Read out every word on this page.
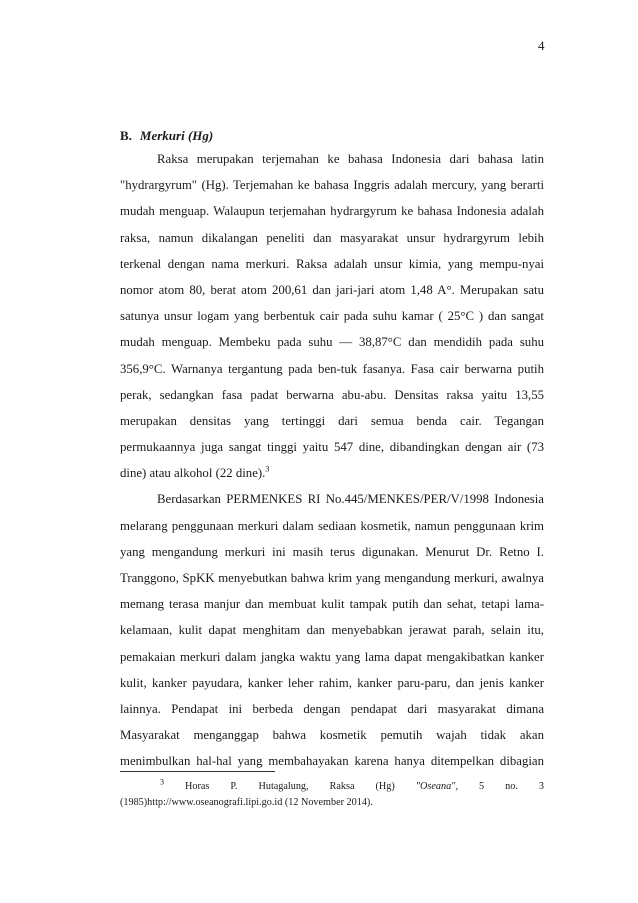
4
B. Merkuri (Hg)
Raksa merupakan terjemahan ke bahasa Indonesia dari bahasa latin
"hydrargyrum" (Hg). Terjemahan ke bahasa Inggris adalah mercury, yang berarti
mudah menguap. Walaupun terjemahan hydrargyrum ke bahasa Indonesia adalah
raksa, namun dikalangan peneliti dan masyarakat unsur hydrargyrum lebih
terkenal dengan nama merkuri. Raksa adalah unsur kimia, yang mempu-nyai
nomor atom 80, berat atom 200,61 dan jari-jari atom 1,48 A°. Merupakan satu
satunya unsur logam yang berbentuk cair pada suhu kamar ( 25°C ) dan sangat
mudah menguap. Membeku pada suhu — 38,87°C dan mendidih pada suhu
356,9°C. Warnanya tergantung pada ben-tuk fasanya. Fasa cair berwarna putih
perak, sedangkan fasa padat berwarna abu-abu. Densitas raksa yaitu 13,55
merupakan densitas yang tertinggi dari semua benda cair. Tegangan
permukaannya juga sangat tinggi yaitu 547 dine, dibandingkan dengan air (73
dine) atau alkohol (22 dine).$^3$
Berdasarkan PERMENKES RI No.445/MENKES/PER/V/1998 Indonesia
melarang penggunaan merkuri dalam sediaan kosmetik, namun penggunaan krim
yang mengandung merkuri ini masih terus digunakan. Menurut Dr. Retno I.
Tranggono, SpKK menyebutkan bahwa krim yang mengandung merkuri, awalnya
memang terasa manjur dan membuat kulit tampak putih dan sehat, tetapi lama-
kelamaan, kulit dapat menghitam dan menyebabkan jerawat parah, selain itu,
pemakaian merkuri dalam jangka waktu yang lama dapat mengakibatkan kanker
kulit, kanker payudara, kanker leher rahim, kanker paru-paru, dan jenis kanker
lainnya. Pendapat ini berbeda dengan pendapat dari masyarakat dimana
Masyarakat menganggap bahwa kosmetik pemutih wajah tidak akan
menimbulkan hal-hal yang membahayakan karena hanya ditempelkan dibagian
$^3$ Horas P. Hutagalung, Raksa (Hg) "Oseana", 5 no. 3
(1985)http://www.oseanografi.lipi.go.id (12 November 2014).
